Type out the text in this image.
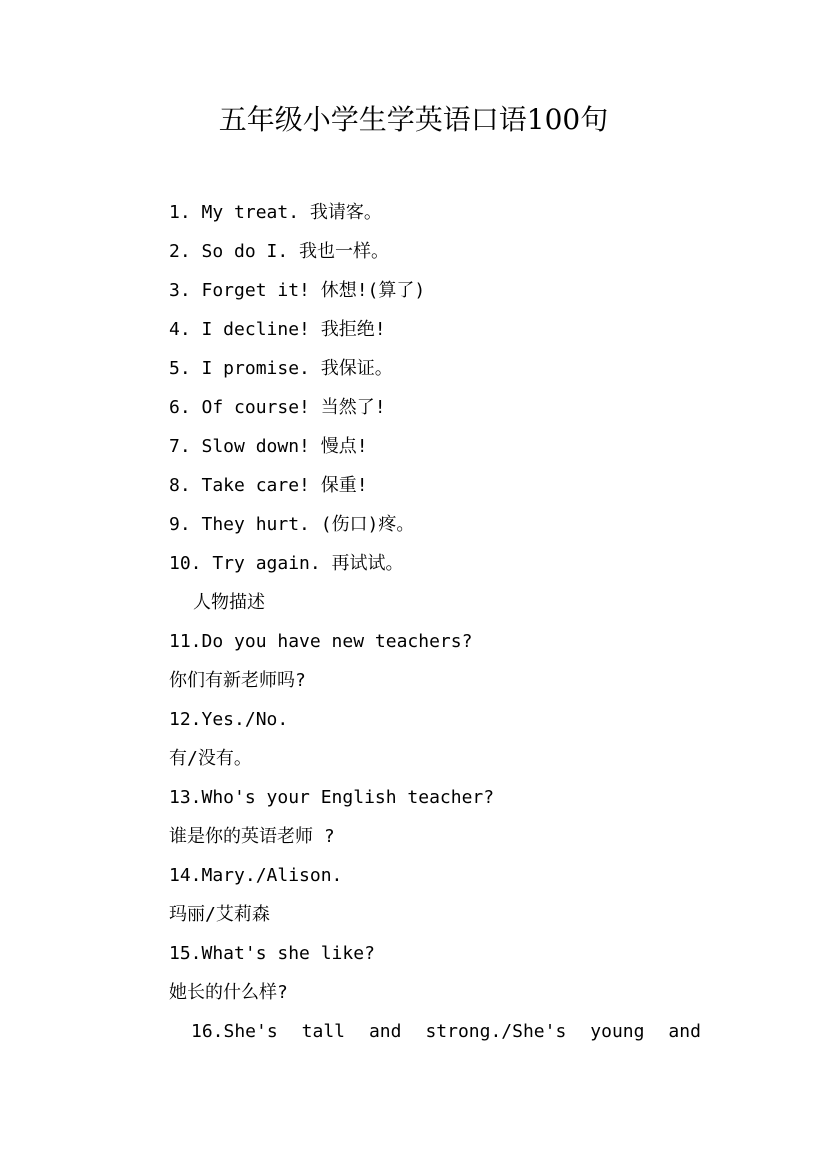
五年级小学生学英语口语100句
1. My treat. 我请客。
2. So do I. 我也一样。
3. Forget it! 休想!(算了)
4. I decline! 我拒绝!
5. I promise. 我保证。
6. Of course! 当然了!
7. Slow down! 慢点!
8. Take care! 保重!
9. They hurt. (伤口)疼。
10. Try again. 再试试。
人物描述
11.Do you have new teachers?
你们有新老师吗?
12.Yes./No.
有/没有。
13.Who's your English teacher?
谁是你的英语老师 ?
14.Mary./Alison.
玛丽/艾莉森
15.What's she like?
她长的什么样?
16.She's tall and strong./She's young and
